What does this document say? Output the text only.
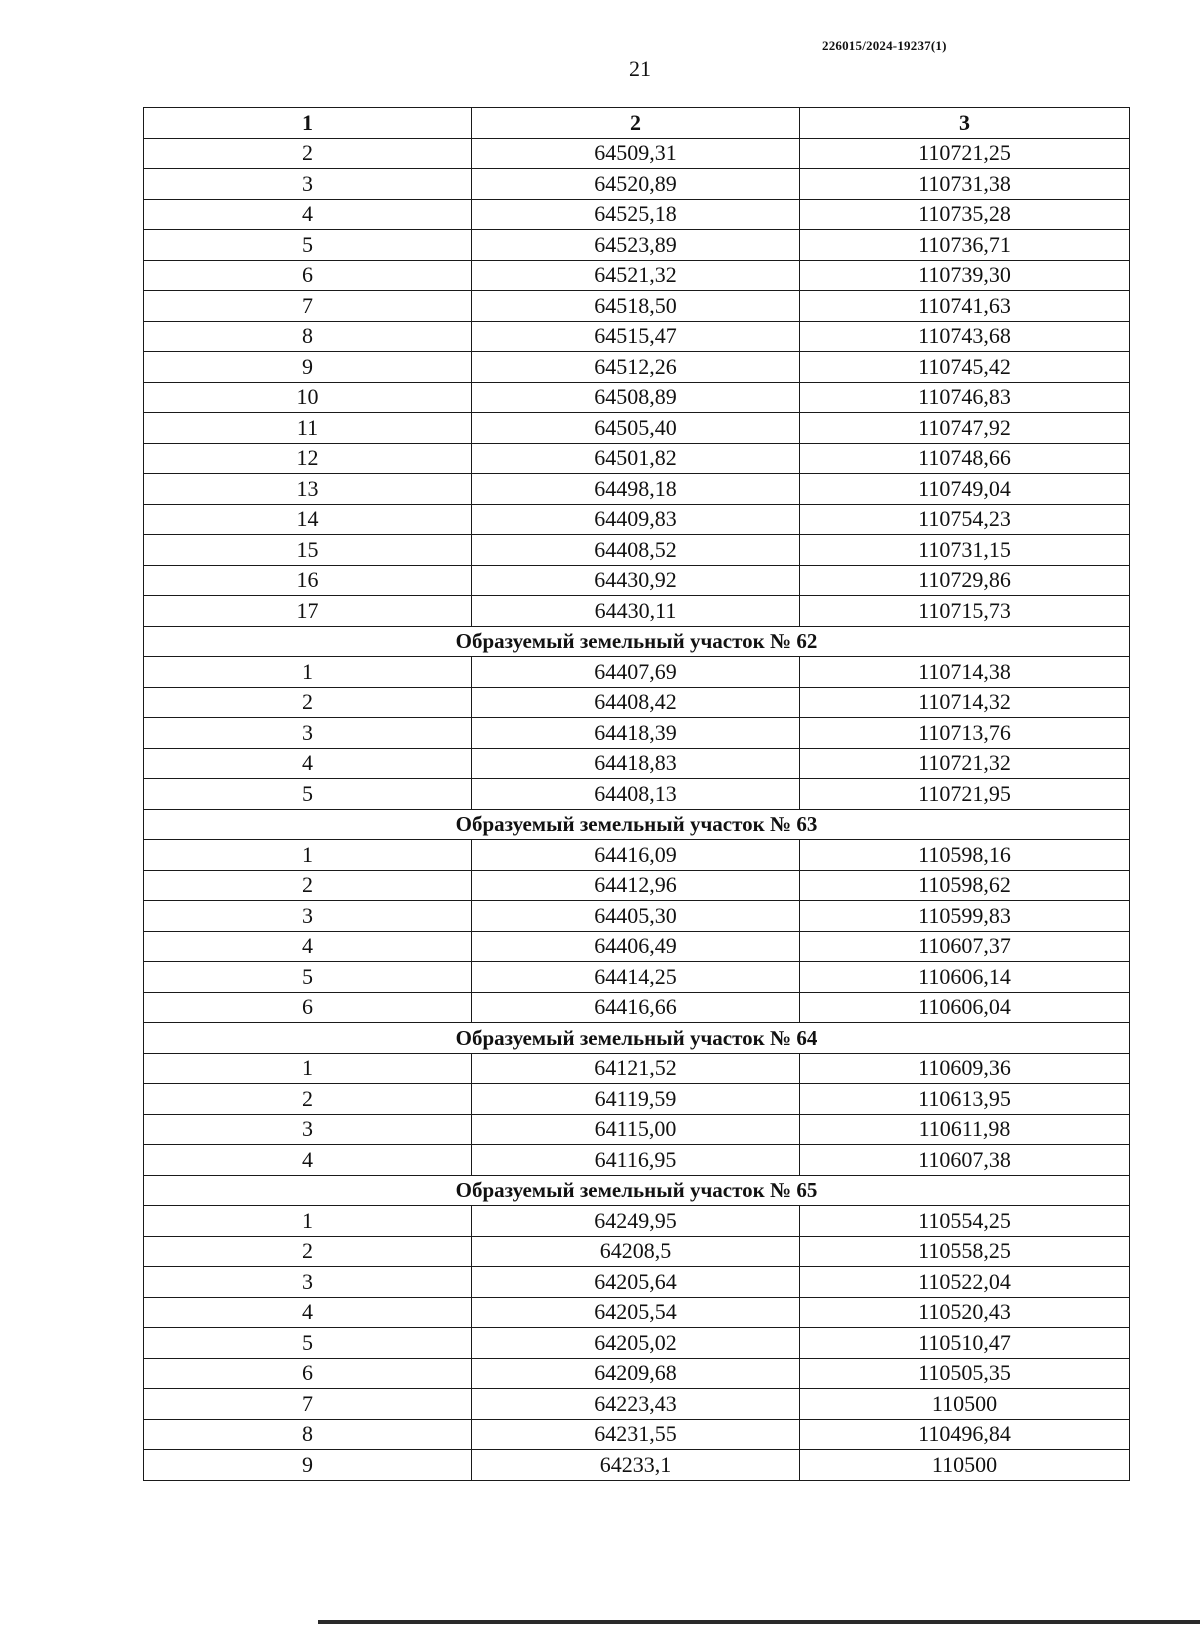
226015/2024-19237(1)
21
1	2	3
2	64509,31	110721,25
3	64520,89	110731,38
4	64525,18	110735,28
5	64523,89	110736,71
6	64521,32	110739,30
7	64518,50	110741,63
8	64515,47	110743,68
9	64512,26	110745,42
10	64508,89	110746,83
11	64505,40	110747,92
12	64501,82	110748,66
13	64498,18	110749,04
14	64409,83	110754,23
15	64408,52	110731,15
16	64430,92	110729,86
17	64430,11	110715,73
Образуемый земельный участок № 62		
1	64407,69	110714,38
2	64408,42	110714,32
3	64418,39	110713,76
4	64418,83	110721,32
5	64408,13	110721,95
Образуемый земельный участок № 63		
1	64416,09	110598,16
2	64412,96	110598,62
3	64405,30	110599,83
4	64406,49	110607,37
5	64414,25	110606,14
6	64416,66	110606,04
Образуемый земельный участок № 64		
1	64121,52	110609,36
2	64119,59	110613,95
3	64115,00	110611,98
4	64116,95	110607,38
Образуемый земельный участок № 65		
1	64249,95	110554,25
2	64208,5	110558,25
3	64205,64	110522,04
4	64205,54	110520,43
5	64205,02	110510,47
6	64209,68	110505,35
7	64223,43	110500
8	64231,55	110496,84
9	64233,1	110500
